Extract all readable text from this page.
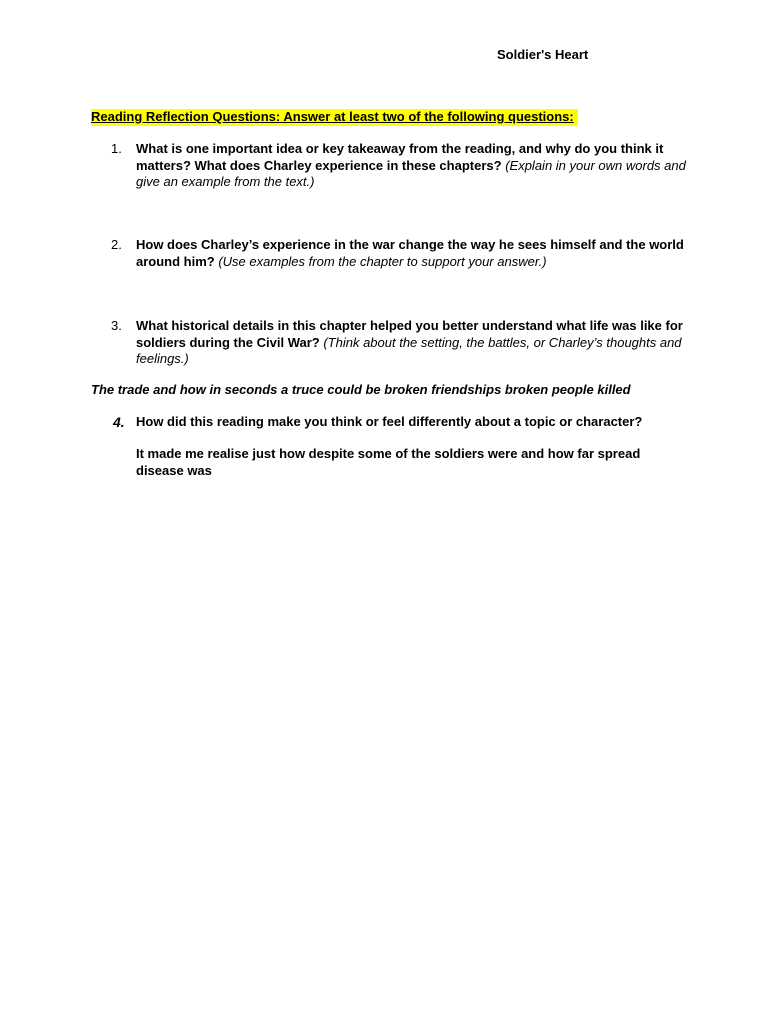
Soldier's Heart
Reading Reflection Questions: Answer at least two of the following questions:
1. What is one important idea or key takeaway from the reading, and why do you think it matters? What does Charley experience in these chapters? (Explain in your own words and give an example from the text.)
2. How does Charley’s experience in the war change the way he sees himself and the world around him? (Use examples from the chapter to support your answer.)
3. What historical details in this chapter helped you better understand what life was like for soldiers during the Civil War? (Think about the setting, the battles, or Charley’s thoughts and feelings.)
The trade and how in seconds a truce could be broken friendships broken people killed
4. How did this reading make you think or feel differently about a topic or character?
It made me realise just how despite some of the soldiers were and how far spread disease was
